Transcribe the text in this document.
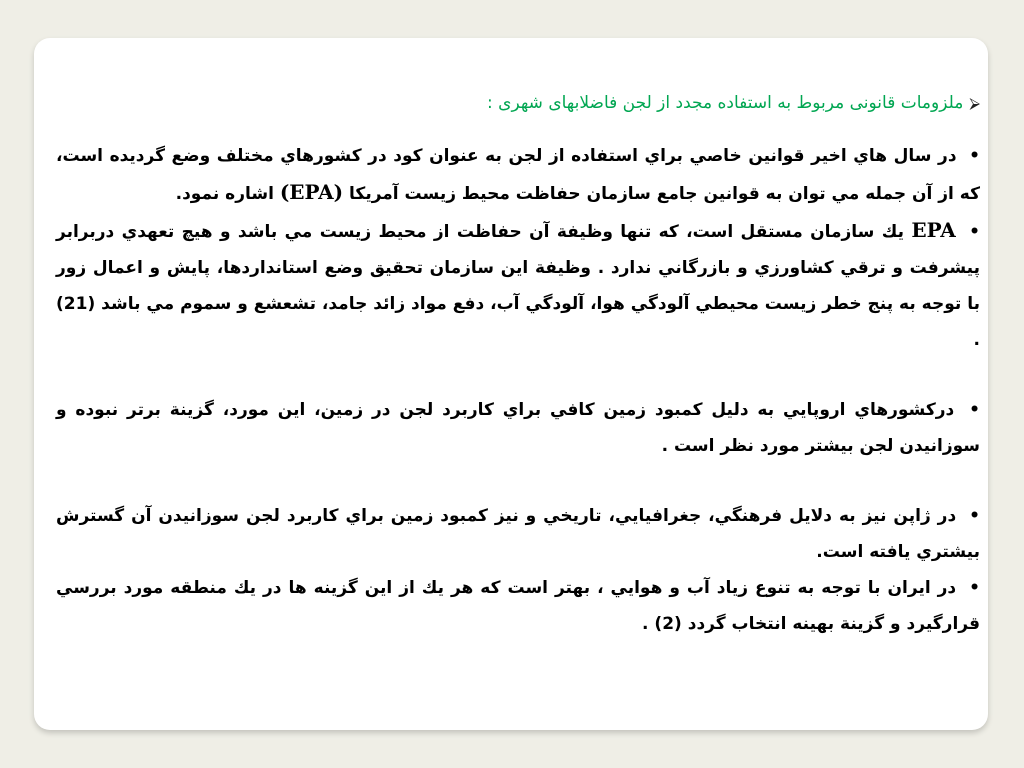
⮚
ملزومات قانونی مربوط به استفاده مجدد از لجن فاضلابهای شهری :

• در سال هاي اخير قوانين خاصي براي استفاده از لجن به عنوان كود در كشورهاي مختلف وضع گرديده است، كه از آن جمله مي توان به قوانين جامع سازمان حفاظت محيط زيست آمريكا (EPA) اشاره نمود.

• EPA يك سازمان مستقل است، كه تنها وظيفة آن حفاظت از محيط زيست مي باشد و هيچ تعهدي دربرابر پيشرفت و ترقي كشاورزي و بازرگاني ندارد . وظيفة اين سازمان تحقيق وضع استانداردها، پايش و اعمال زور با توجه به پنج خطر زيست محيطي آلودگي هوا، آلودگي آب، دفع مواد زائد جامد، تشعشع و سموم مي باشد (21) .

• دركشورهاي اروپايي به دليل كمبود زمين كافي براي كاربرد لجن در زمين، اين مورد، گزينة برتر نبوده و سوزانيدن لجن بيشتر مورد نظر است .

• در ژاپن نيز به دلايل فرهنگي، جغرافيايي، تاريخي و نيز كمبود زمين براي كاربرد لجن سوزانيدن آن گسترش بيشتري يافته است.

• در ايران با توجه به تنوع زياد آب و هوايي ، بهتر است كه هر يك از اين گزينه ها در يك منطقه مورد بررسي قرارگيرد و گزينة بهينه انتخاب گردد (2) .
